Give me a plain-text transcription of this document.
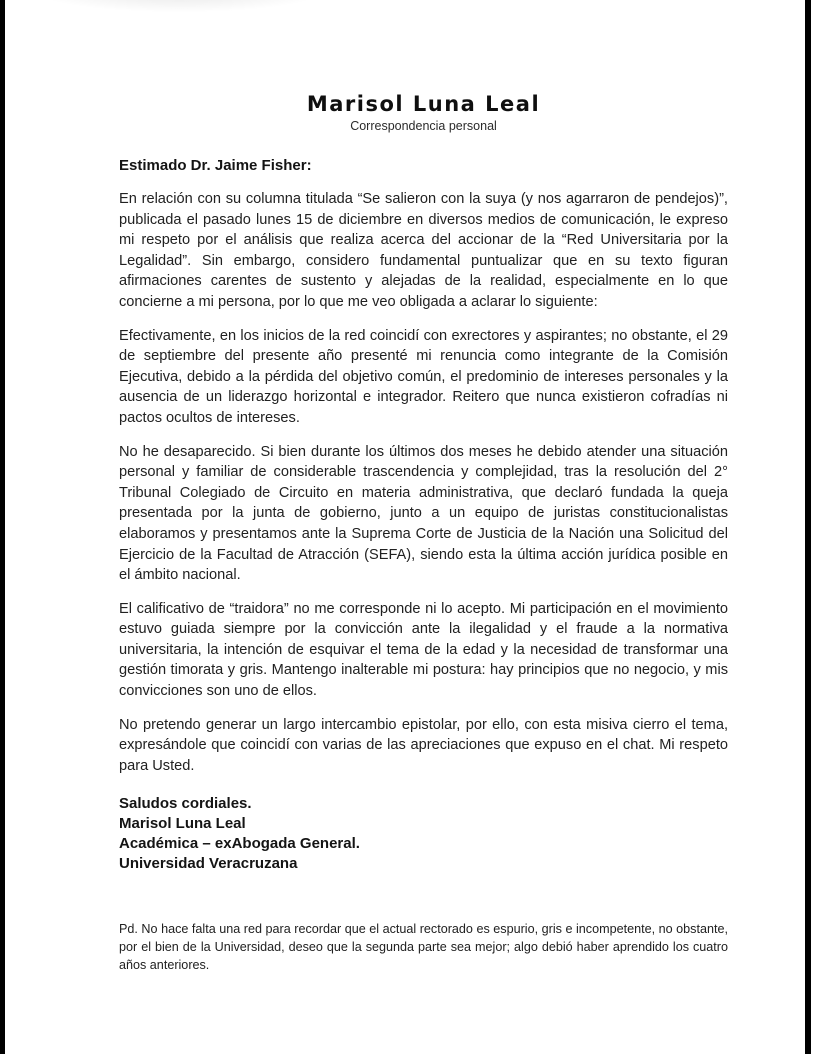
Marisol Luna Leal
Correspondencia personal
Estimado Dr. Jaime Fisher:

En relación con su columna titulada “Se salieron con la suya (y nos agarraron de pendejos)”, publicada el pasado lunes 15 de diciembre en diversos medios de comunicación, le expreso mi respeto por el análisis que realiza acerca del accionar de la “Red Universitaria por la Legalidad”. Sin embargo, considero fundamental puntualizar que en su texto figuran afirmaciones carentes de sustento y alejadas de la realidad, especialmente en lo que concierne a mi persona, por lo que me veo obligada a aclarar lo siguiente:

Efectivamente, en los inicios de la red coincidí con exrectores y aspirantes; no obstante, el 29 de septiembre del presente año presenté mi renuncia como integrante de la Comisión Ejecutiva, debido a la pérdida del objetivo común, el predominio de intereses personales y la ausencia de un liderazgo horizontal e integrador. Reitero que nunca existieron cofradías ni pactos ocultos de intereses.

No he desaparecido. Si bien durante los últimos dos meses he debido atender una situación personal y familiar de considerable trascendencia y complejidad, tras la resolución del 2° Tribunal Colegiado de Circuito en materia administrativa, que declaró fundada la queja presentada por la junta de gobierno, junto a un equipo de juristas constitucionalistas elaboramos y presentamos ante la Suprema Corte de Justicia de la Nación una Solicitud del Ejercicio de la Facultad de Atracción (SEFA), siendo esta la última acción jurídica posible en el ámbito nacional.

El calificativo de “traidora” no me corresponde ni lo acepto. Mi participación en el movimiento estuvo guiada siempre por la convicción ante la ilegalidad y el fraude a la normativa universitaria, la intención de esquivar el tema de la edad y la necesidad de transformar una gestión timorata y gris. Mantengo inalterable mi postura: hay principios que no negocio, y mis convicciones son uno de ellos.

No pretendo generar un largo intercambio epistolar, por ello, con esta misiva cierro el tema, expresándole que coincidí con varias de las apreciaciones que expuso en el chat. Mi respeto para Usted.

Saludos cordiales.
Marisol Luna Leal
Académica – exAbogada General.
Universidad Veracruzana

Pd. No hace falta una red para recordar que el actual rectorado es espurio, gris e incompetente, no obstante, por el bien de la Universidad, deseo que la segunda parte sea mejor; algo debió haber aprendido los cuatro años anteriores.
